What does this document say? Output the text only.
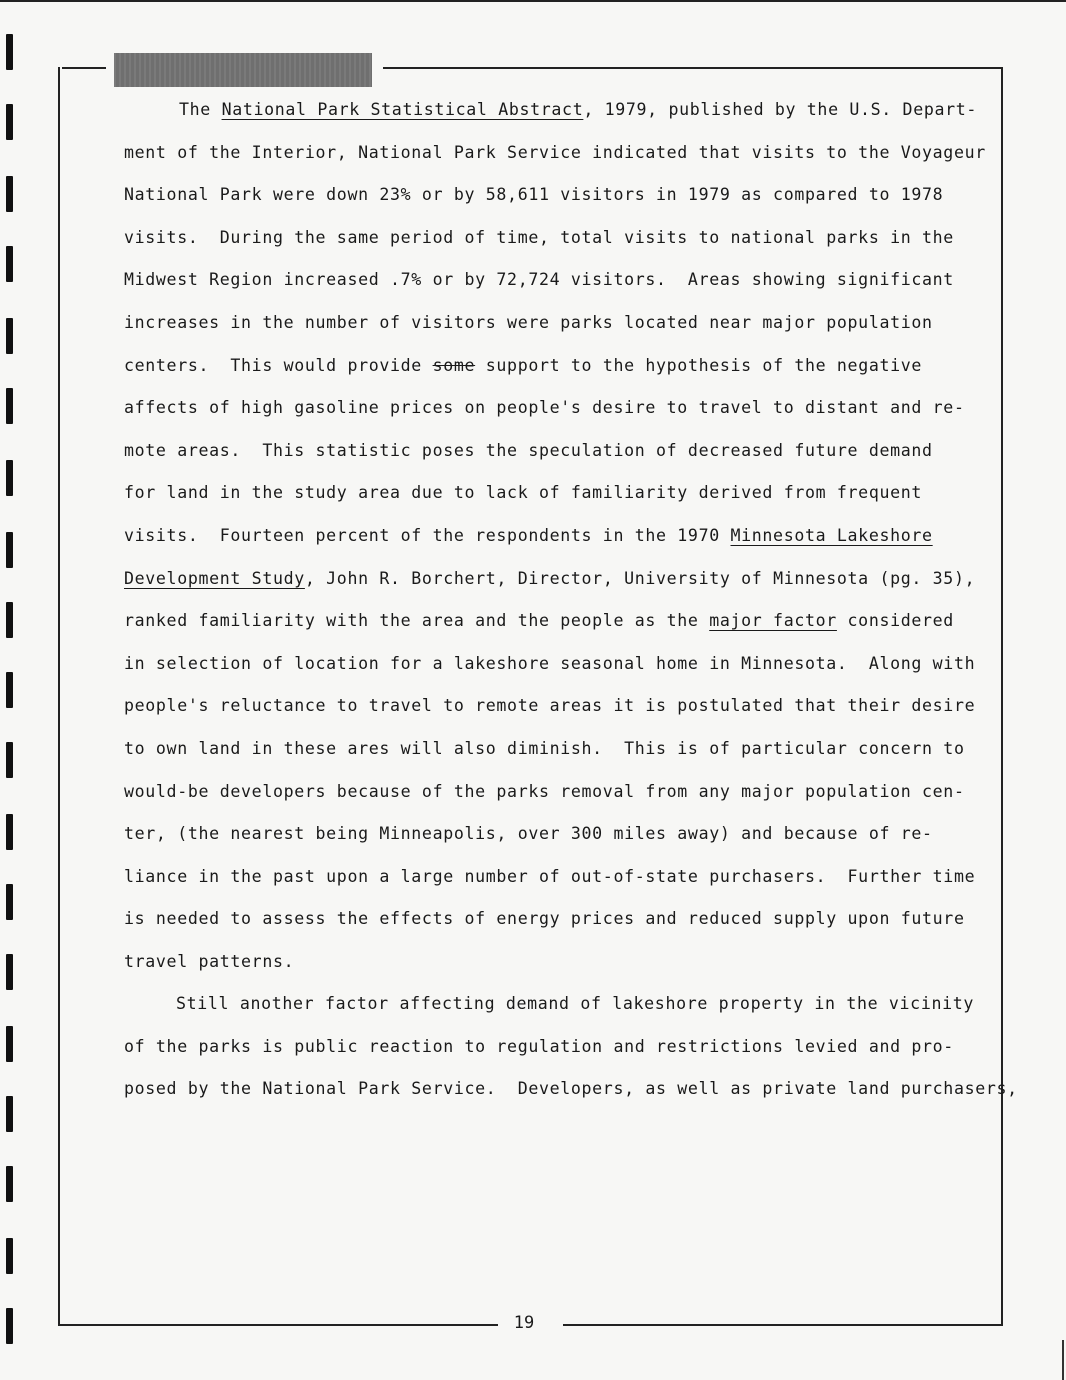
The National Park Statistical Abstract, 1979, published by the U.S. Depart-
ment of the Interior, National Park Service indicated that visits to the Voyageur
National Park were down 23% or by 58,611 visitors in 1979 as compared to 1978
visits.  During the same period of time, total visits to national parks in the
Midwest Region increased .7% or by 72,724 visitors.  Areas showing significant
increases in the number of visitors were parks located near major population
centers.  This would provide some support to the hypothesis of the negative
affects of high gasoline prices on people's desire to travel to distant and re-
mote areas.  This statistic poses the speculation of decreased future demand
for land in the study area due to lack of familiarity derived from frequent
visits.  Fourteen percent of the respondents in the 1970 Minnesota Lakeshore
Development Study, John R. Borchert, Director, University of Minnesota (pg. 35),
ranked familiarity with the area and the people as the major factor considered
in selection of location for a lakeshore seasonal home in Minnesota.  Along with
people's reluctance to travel to remote areas it is postulated that their desire
to own land in these ares will also diminish.  This is of particular concern to
would-be developers because of the parks removal from any major population cen-
ter, (the nearest being Minneapolis, over 300 miles away) and because of re-
liance in the past upon a large number of out-of-state purchasers.  Further time
is needed to assess the effects of energy prices and reduced supply upon future
travel patterns.
Still another factor affecting demand of lakeshore property in the vicinity
of the parks is public reaction to regulation and restrictions levied and pro-
posed by the National Park Service.  Developers, as well as private land purchasers,
19
